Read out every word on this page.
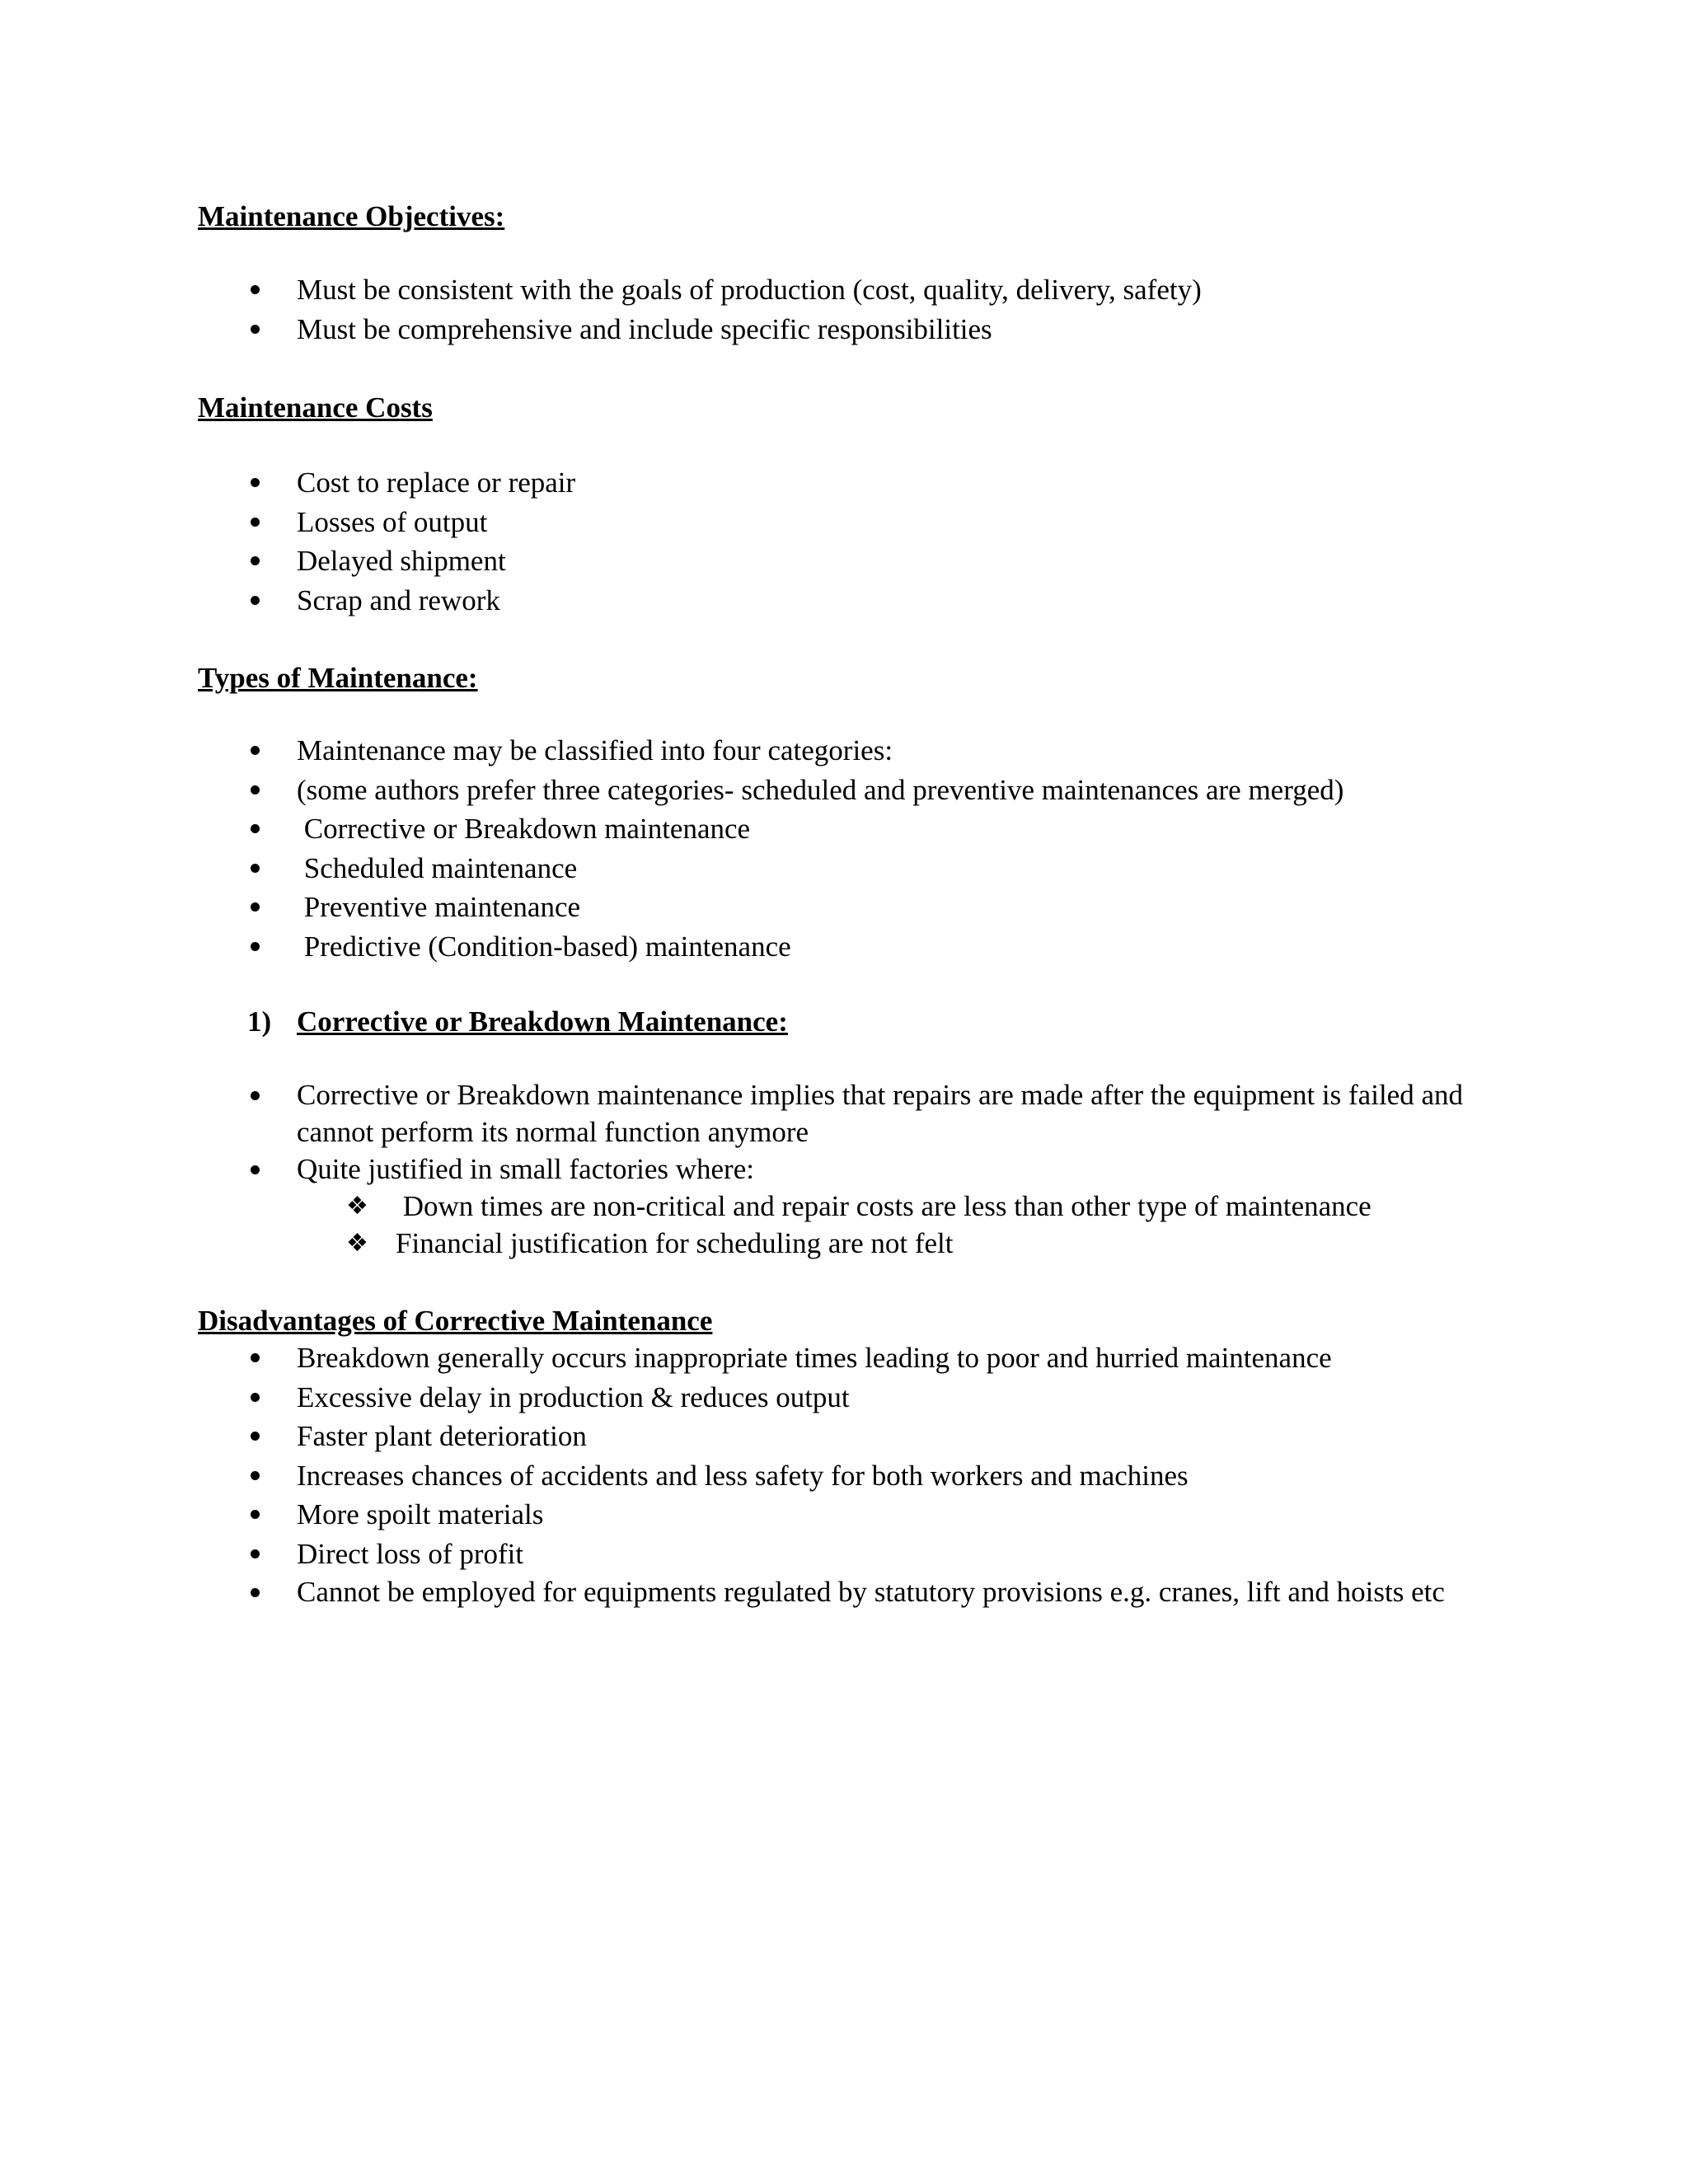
Maintenance Objectives:
Must be consistent with the goals of production (cost, quality, delivery, safety)
Must be comprehensive and include specific responsibilities
Maintenance Costs
Cost to replace or repair
Losses of output
Delayed shipment
Scrap and rework
Types of Maintenance:
Maintenance may be classified into four categories:
(some authors prefer three categories- scheduled and preventive maintenances are merged)
Corrective or Breakdown maintenance
Scheduled maintenance
Preventive maintenance
Predictive (Condition-based) maintenance
1) Corrective or Breakdown Maintenance:
Corrective or Breakdown maintenance implies that repairs are made after the equipment is failed and cannot perform its normal function anymore
Quite justified in small factories where:
❖ Down times are non-critical and repair costs are less than other type of maintenance
❖ Financial justification for scheduling are not felt
Disadvantages of Corrective Maintenance
Breakdown generally occurs inappropriate times leading to poor and hurried maintenance
Excessive delay in production & reduces output
Faster plant deterioration
Increases chances of accidents and less safety for both workers and machines
More spoilt materials
Direct loss of profit
Cannot be employed for equipments regulated by statutory provisions e.g. cranes, lift and hoists etc
